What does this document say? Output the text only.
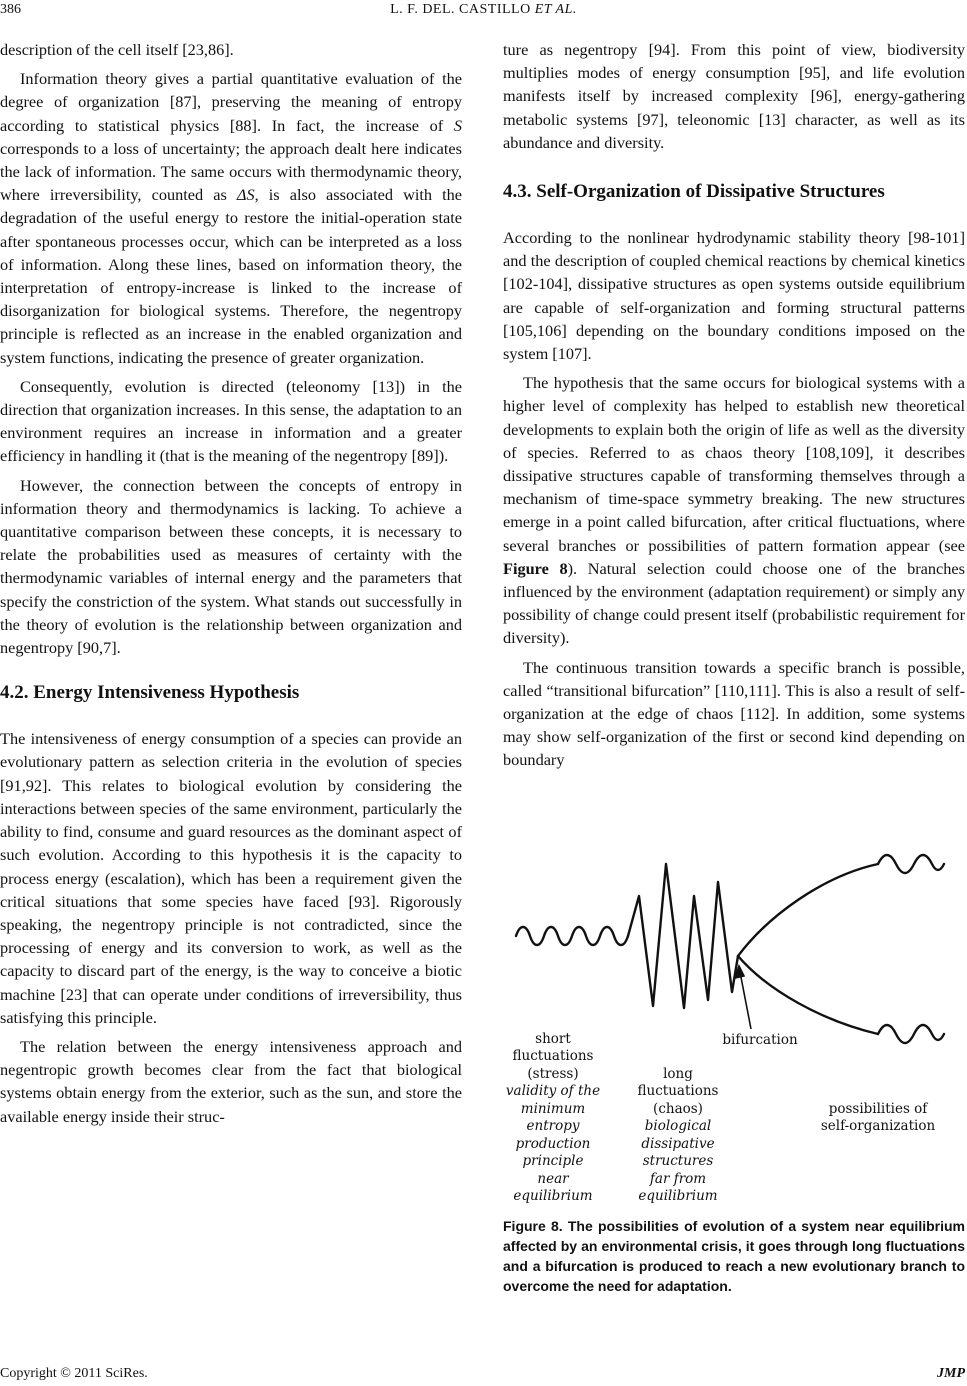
386	L. F. DEL. CASTILLO ET AL.

description of the cell itself [23,86].

Information theory gives a partial quantitative evaluation of the degree of organization [87], preserving the meaning of entropy according to statistical physics [88]. In fact, the increase of S corresponds to a loss of uncertainty; the approach dealt here indicates the lack of information. The same occurs with thermodynamic theory, where irreversibility, counted as ΔS, is also associated with the degradation of the useful energy to restore the initial-operation state after spontaneous processes occur, which can be interpreted as a loss of information. Along these lines, based on information theory, the interpretation of entropy-increase is linked to the increase of disorganization for biological systems. Therefore, the negentropy principle is reflected as an increase in the enabled organization and system functions, indicating the presence of greater organization.

Consequently, evolution is directed (teleonomy [13]) in the direction that organization increases. In this sense, the adaptation to an environment requires an increase in information and a greater efficiency in handling it (that is the meaning of the negentropy [89]).

However, the connection between the concepts of entropy in information theory and thermodynamics is lacking. To achieve a quantitative comparison between these concepts, it is necessary to relate the probabilities used as measures of certainty with the thermodynamic variables of internal energy and the parameters that specify the constriction of the system. What stands out successfully in the theory of evolution is the relationship between organization and negentropy [90,7].

4.2. Energy Intensiveness Hypothesis

The intensiveness of energy consumption of a species can provide an evolutionary pattern as selection criteria in the evolution of species [91,92]. This relates to biological evolution by considering the interactions between species of the same environment, particularly the ability to find, consume and guard resources as the dominant aspect of such evolution. According to this hypothesis it is the capacity to process energy (escalation), which has been a requirement given the critical situations that some species have faced [93]. Rigorously speaking, the negentropy principle is not contradicted, since the processing of energy and its conversion to work, as well as the capacity to discard part of the energy, is the way to conceive a biotic machine [23] that can operate under conditions of irreversibility, thus satisfying this principle.

The relation between the energy intensiveness approach and negentropic growth becomes clear from the fact that biological systems obtain energy from the exterior, such as the sun, and store the available energy inside their struc-

ture as negentropy [94]. From this point of view, biodiversity multiplies modes of energy consumption [95], and life evolution manifests itself by increased complexity [96], energy-gathering metabolic systems [97], teleonomic [13] character, as well as its abundance and diversity.

4.3. Self-Organization of Dissipative Structures

According to the nonlinear hydrodynamic stability theory [98-101] and the description of coupled chemical reactions by chemical kinetics [102-104], dissipative structures as open systems outside equilibrium are capable of self-organization and forming structural patterns [105,106] depending on the boundary conditions imposed on the system [107].

The hypothesis that the same occurs for biological systems with a higher level of complexity has helped to establish new theoretical developments to explain both the origin of life as well as the diversity of species. Referred to as chaos theory [108,109], it describes dissipative structures capable of transforming themselves through a mechanism of time-space symmetry breaking. The new structures emerge in a point called bifurcation, after critical fluctuations, where several branches or possibilities of pattern formation appear (see Figure 8). Natural selection could choose one of the branches influenced by the environment (adaptation requirement) or simply any possibility of change could present itself (probabilistic requirement for diversity).

The continuous transition towards a specific branch is possible, called “transitional bifurcation” [110,111]. This is also a result of self-organization at the edge of chaos [112]. In addition, some systems may show self-organization of the first or second kind depending on boundary

bifurcation
short
fluctuations
(stress)
validity of the
minimum
entropy
production
principle
near
equilibrium
long
fluctuations
(chaos)
biological
dissipative
structures
far from
equilibrium
possibilities of
self-organization
Figure 8. The possibilities of evolution of a system near equilibrium affected by an environmental crisis, it goes through long fluctuations and a bifurcation is produced to reach a new evolutionary branch to overcome the need for adaptation.
Copyright © 2011 SciRes.	JMP
